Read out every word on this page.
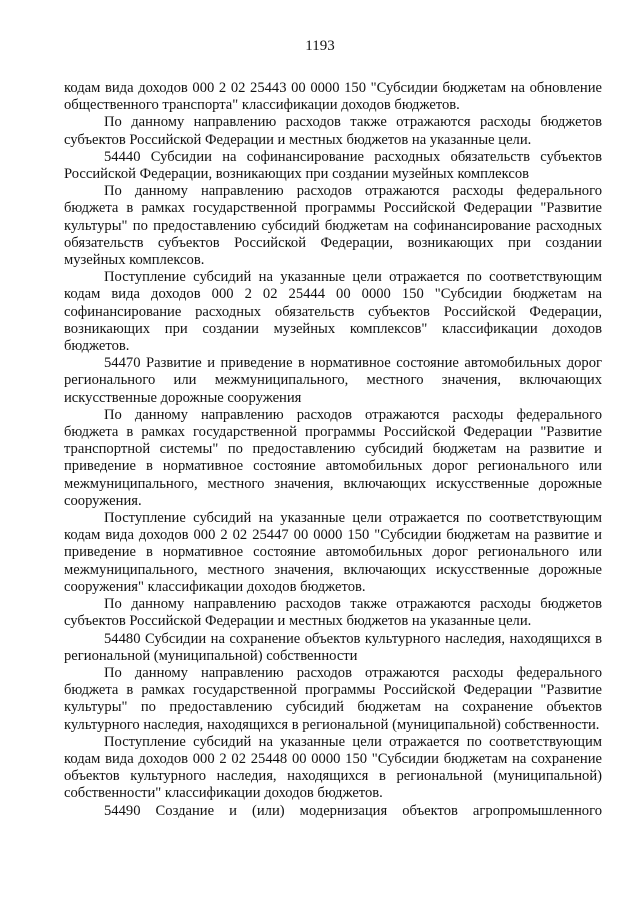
1193

кодам вида доходов 000 2 02 25443 00 0000 150 "Субсидии бюджетам на обновление общественного транспорта" классификации доходов бюджетов.

По данному направлению расходов также отражаются расходы бюджетов субъектов Российской Федерации и местных бюджетов на указанные цели.

54440 Субсидии на софинансирование расходных обязательств субъектов Российской Федерации, возникающих при создании музейных комплексов

По данному направлению расходов отражаются расходы федерального бюджета в рамках государственной программы Российской Федерации "Развитие культуры" по предоставлению субсидий бюджетам на софинансирование расходных обязательств субъектов Российской Федерации, возникающих при создании музейных комплексов.

Поступление субсидий на указанные цели отражается по соответствующим кодам вида доходов 000 2 02 25444 00 0000 150 "Субсидии бюджетам на софинансирование расходных обязательств субъектов Российской Федерации, возникающих при создании музейных комплексов" классификации доходов бюджетов.

54470 Развитие и приведение в нормативное состояние автомобильных дорог регионального или межмуниципального, местного значения, включающих искусственные дорожные сооружения

По данному направлению расходов отражаются расходы федерального бюджета в рамках государственной программы Российской Федерации "Развитие транспортной системы" по предоставлению субсидий бюджетам на развитие и приведение в нормативное состояние автомобильных дорог регионального или межмуниципального, местного значения, включающих искусственные дорожные сооружения.

Поступление субсидий на указанные цели отражается по соответствующим кодам вида доходов 000 2 02 25447 00 0000 150 "Субсидии бюджетам на развитие и приведение в нормативное состояние автомобильных дорог регионального или межмуниципального, местного значения, включающих искусственные дорожные сооружения" классификации доходов бюджетов.

По данному направлению расходов также отражаются расходы бюджетов субъектов Российской Федерации и местных бюджетов на указанные цели.

54480 Субсидии на сохранение объектов культурного наследия, находящихся в региональной (муниципальной) собственности

По данному направлению расходов отражаются расходы федерального бюджета в рамках государственной программы Российской Федерации "Развитие культуры" по предоставлению субсидий бюджетам на сохранение объектов культурного наследия, находящихся в региональной (муниципальной) собственности.

Поступление субсидий на указанные цели отражается по соответствующим кодам вида доходов 000 2 02 25448 00 0000 150 "Субсидии бюджетам на сохранение объектов культурного наследия, находящихся в региональной (муниципальной) собственности" классификации доходов бюджетов.

54490 Создание и (или) модернизация объектов агропромышленного
